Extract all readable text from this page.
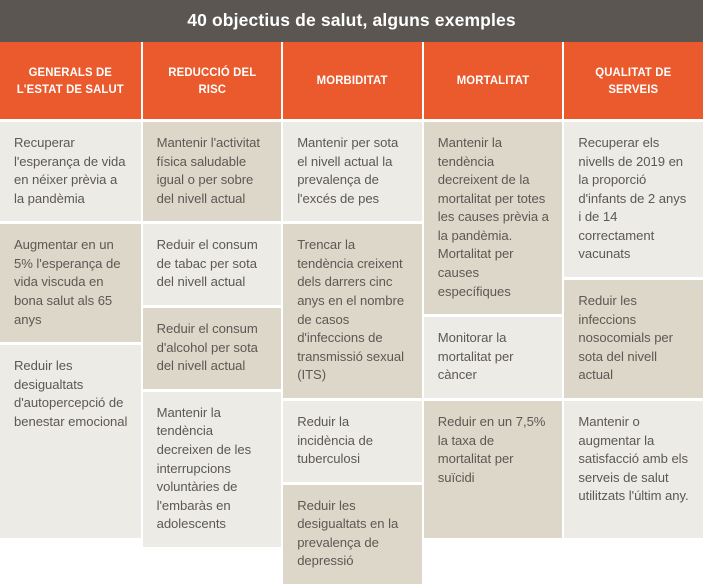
40 objectius de salut, alguns exemples
GENERALS DE L'ESTAT DE SALUT
Recuperar l'esperança de vida en néixer prèvia a la pandèmia
Augmentar en un 5% l'esperança de vida viscuda en bona salut als 65 anys
Reduir les desigualtats d'autopercepció de benestar emocional
REDUCCIÓ DEL RISC
Mantenir l'activitat física saludable igual o per sobre del nivell actual
Reduir el consum de tabac per sota del nivell actual
Reduir el consum d'alcohol per sota del nivell actual
Mantenir la tendència decreixen de les interrupcions voluntàries de l'embaràs en adolescents
MORBIDITAT
Mantenir per sota el nivell actual la prevalença de l'excés de pes
Trencar la tendència creixent dels darrers cinc anys en el nombre de casos d'infeccions de transmissió sexual (ITS)
Reduir la incidència de tuberculosi
Reduir les desigualtats en la prevalença de depressió
MORTALITAT
Mantenir la tendència decreixent de la mortalitat per totes les causes prèvia a la pandèmia. Mortalitat per causes específiques
Monitorar la mortalitat per càncer
Reduir en un 7,5% la taxa de mortalitat per suïcidi
QUALITAT DE SERVEIS
Recuperar els nivells de 2019 en la proporció d'infants de 2 anys i de 14 correctament vacunats
Reduir les infeccions nosocomials per sota del nivell actual
Mantenir o augmentar la satisfacció amb els serveis de salut utilitzats l'últim any.
